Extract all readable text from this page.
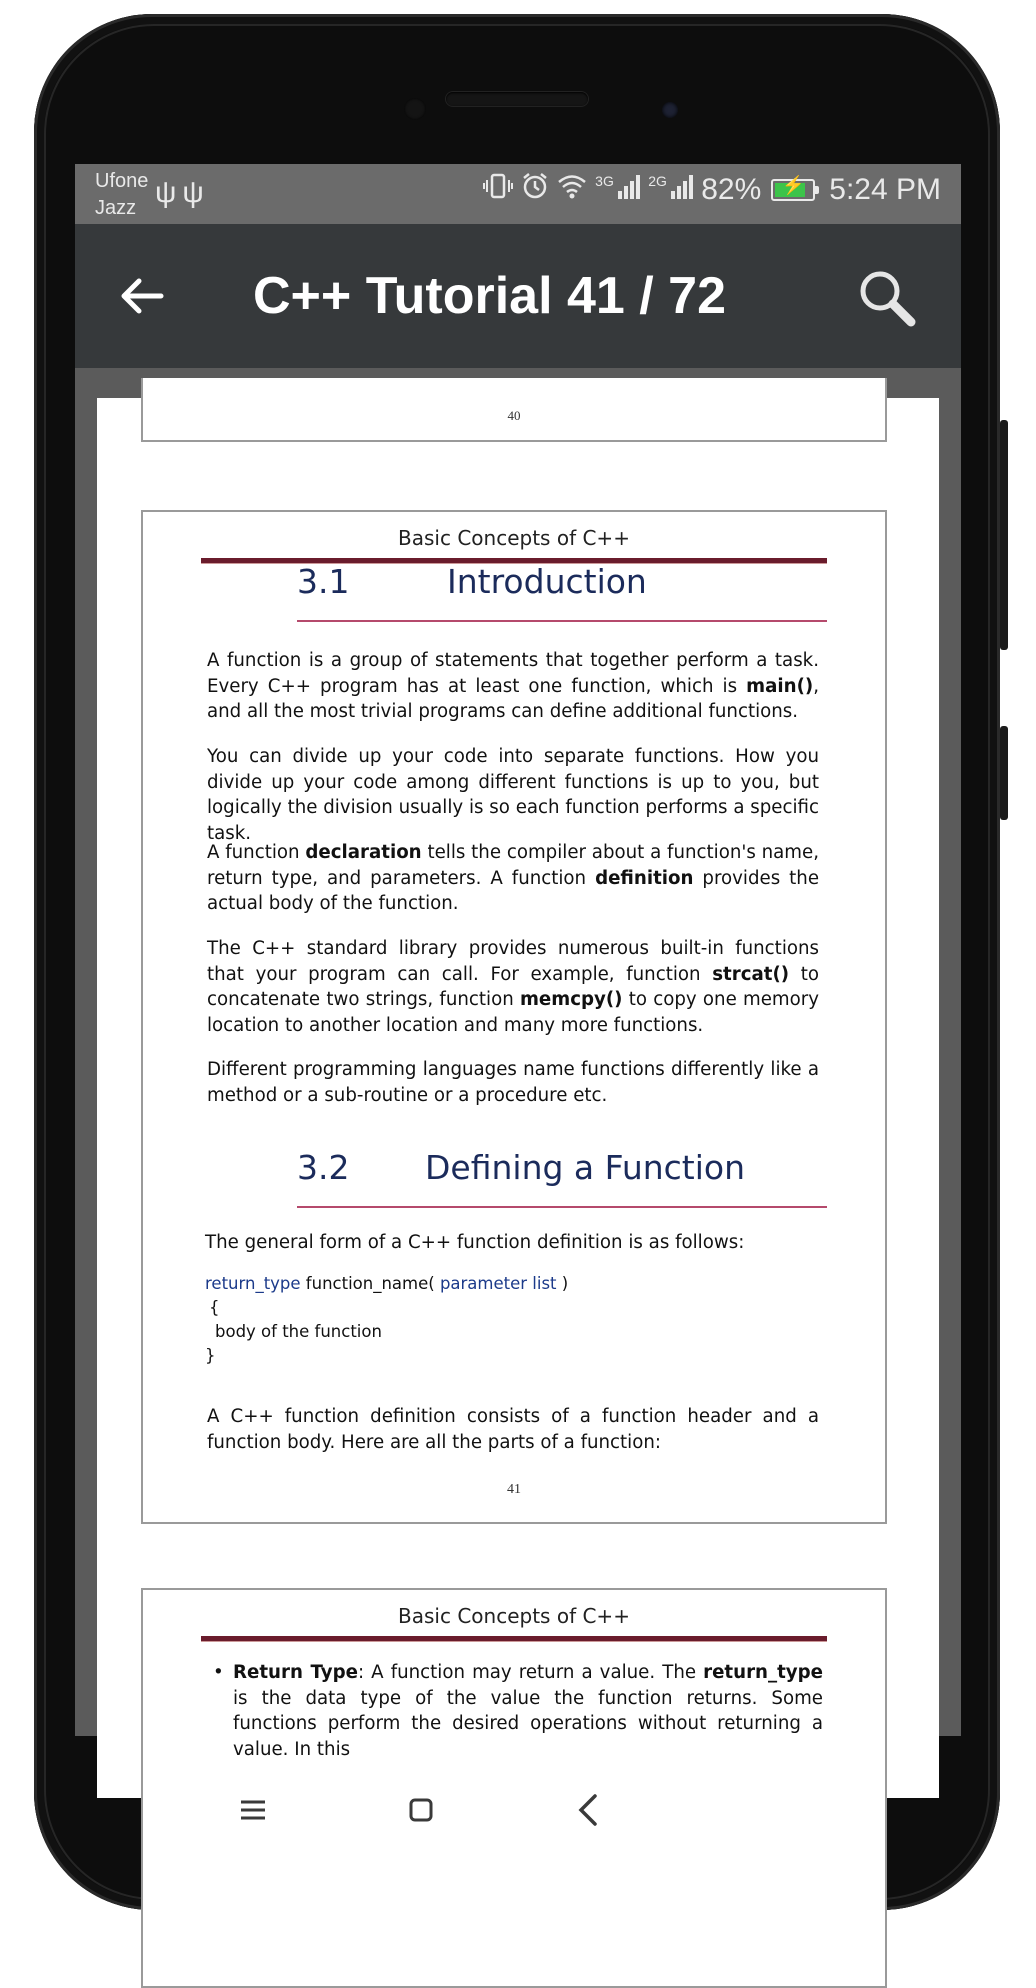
Ufone
Jazz ψψ	$^{3G}$	$^{2G}$	82%	⚡ 5:24 PM
C++ Tutorial 41 / 72
40
Basic Concepts of C++
3.1	Introduction

A function is a group of statements that together perform a task. Every C++ program has at least one function, which is main(), and all the most trivial programs can define additional functions.

You can divide up your code into separate functions. How you divide up your code among different functions is up to you, but logically the division usually is so each function performs a specific task.

A function declaration tells the compiler about a function's name, return type, and parameters. A function definition provides the actual body of the function.

The C++ standard library provides numerous built-in functions that your program can call. For example, function strcat() to concatenate two strings, function memcpy() to copy one memory location to another location and many more functions.

Different programming languages name functions differently like a method or a sub-routine or a procedure etc.

3.2 Defining a Function

The general form of a C++ function definition is as follows:

return_type function_name( parameter list )
{
body of the function
}

A C++ function definition consists of a function header and a function body. Here are all the parts of a function:

41
Basic Concepts of C++
• Return Type: A function may return a value. The return_type is the data type of the value the function returns. Some functions perform the desired operations without returning a value. In this
